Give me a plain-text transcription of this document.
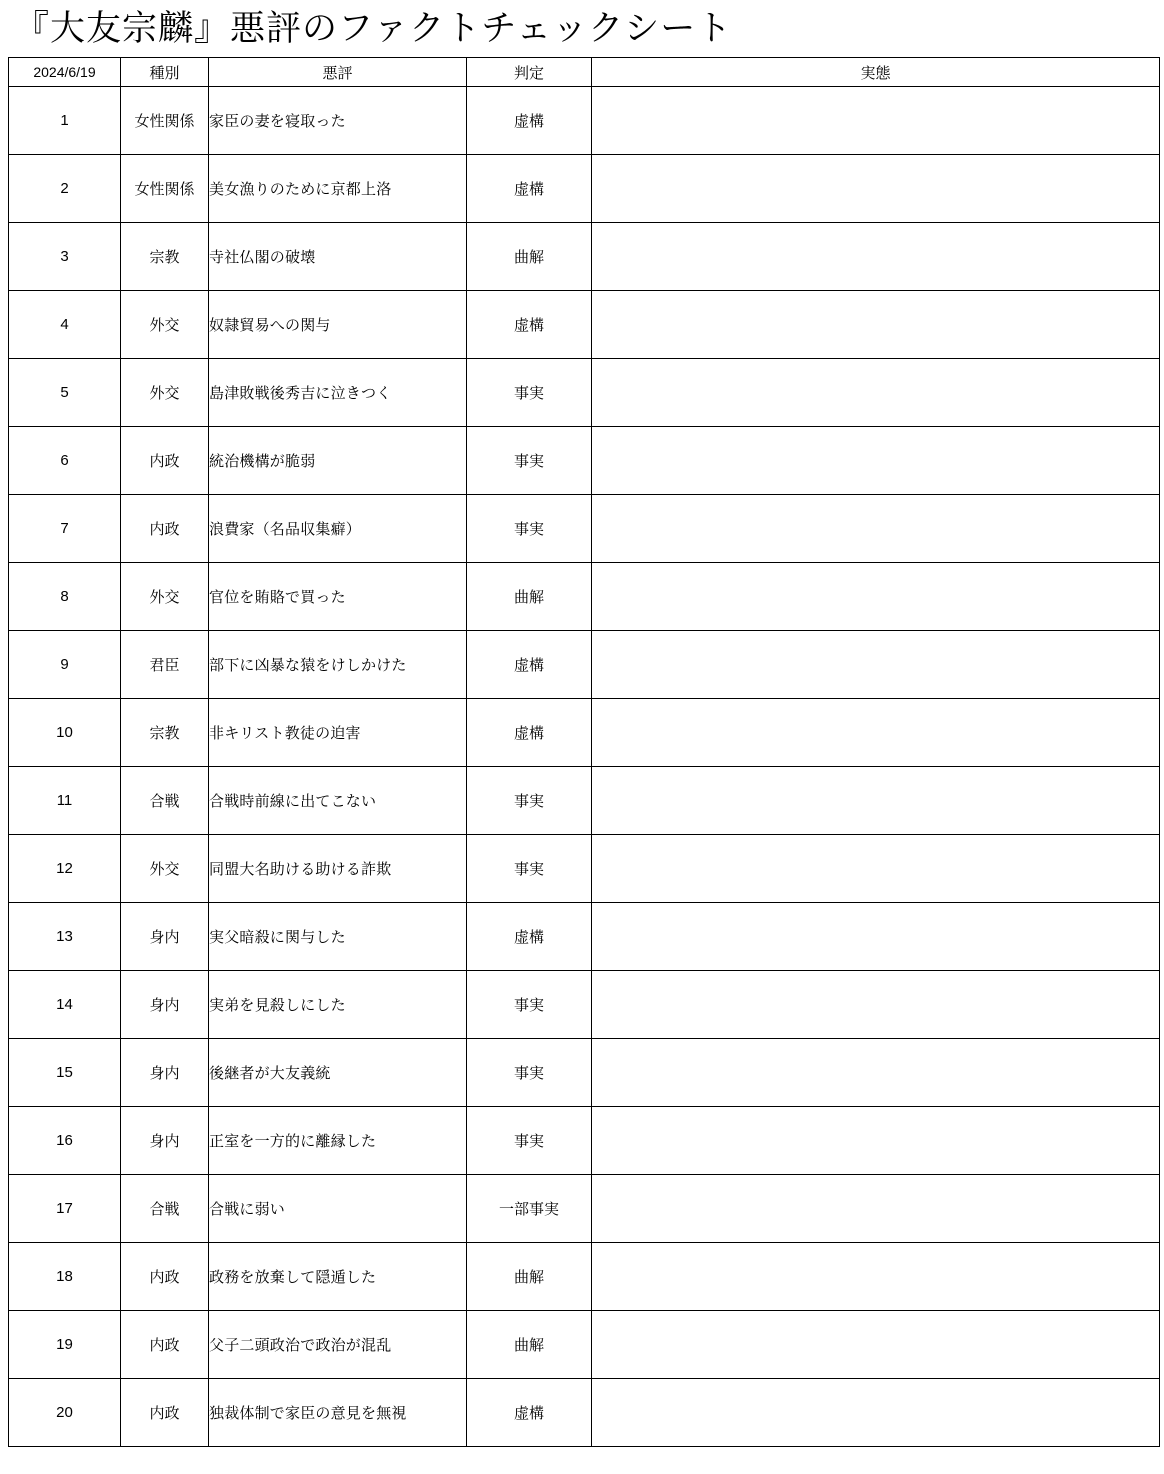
『大友宗麟』悪評のファクトチェックシート
2024/6/19	種別	悪評	判定	実態
1	女性関係	家臣の妻を寝取った	虚構	
2	女性関係	美女漁りのために京都上洛	虚構	
3	宗教	寺社仏閣の破壊	曲解	
4	外交	奴隷貿易への関与	虚構	
5	外交	島津敗戦後秀吉に泣きつく	事実	
6	内政	統治機構が脆弱	事実	
7	内政	浪費家（名品収集癖）	事実	
8	外交	官位を賄賂で買った	曲解	
9	君臣	部下に凶暴な猿をけしかけた	虚構	
10	宗教	非キリスト教徒の迫害	虚構	
11	合戦	合戦時前線に出てこない	事実	
12	外交	同盟大名助ける助ける詐欺	事実	
13	身内	実父暗殺に関与した	虚構	
14	身内	実弟を見殺しにした	事実	
15	身内	後継者が大友義統	事実	
16	身内	正室を一方的に離縁した	事実	
17	合戦	合戦に弱い	一部事実	
18	内政	政務を放棄して隠遁した	曲解	
19	内政	父子二頭政治で政治が混乱	曲解	
20	内政	独裁体制で家臣の意見を無視	虚構	
